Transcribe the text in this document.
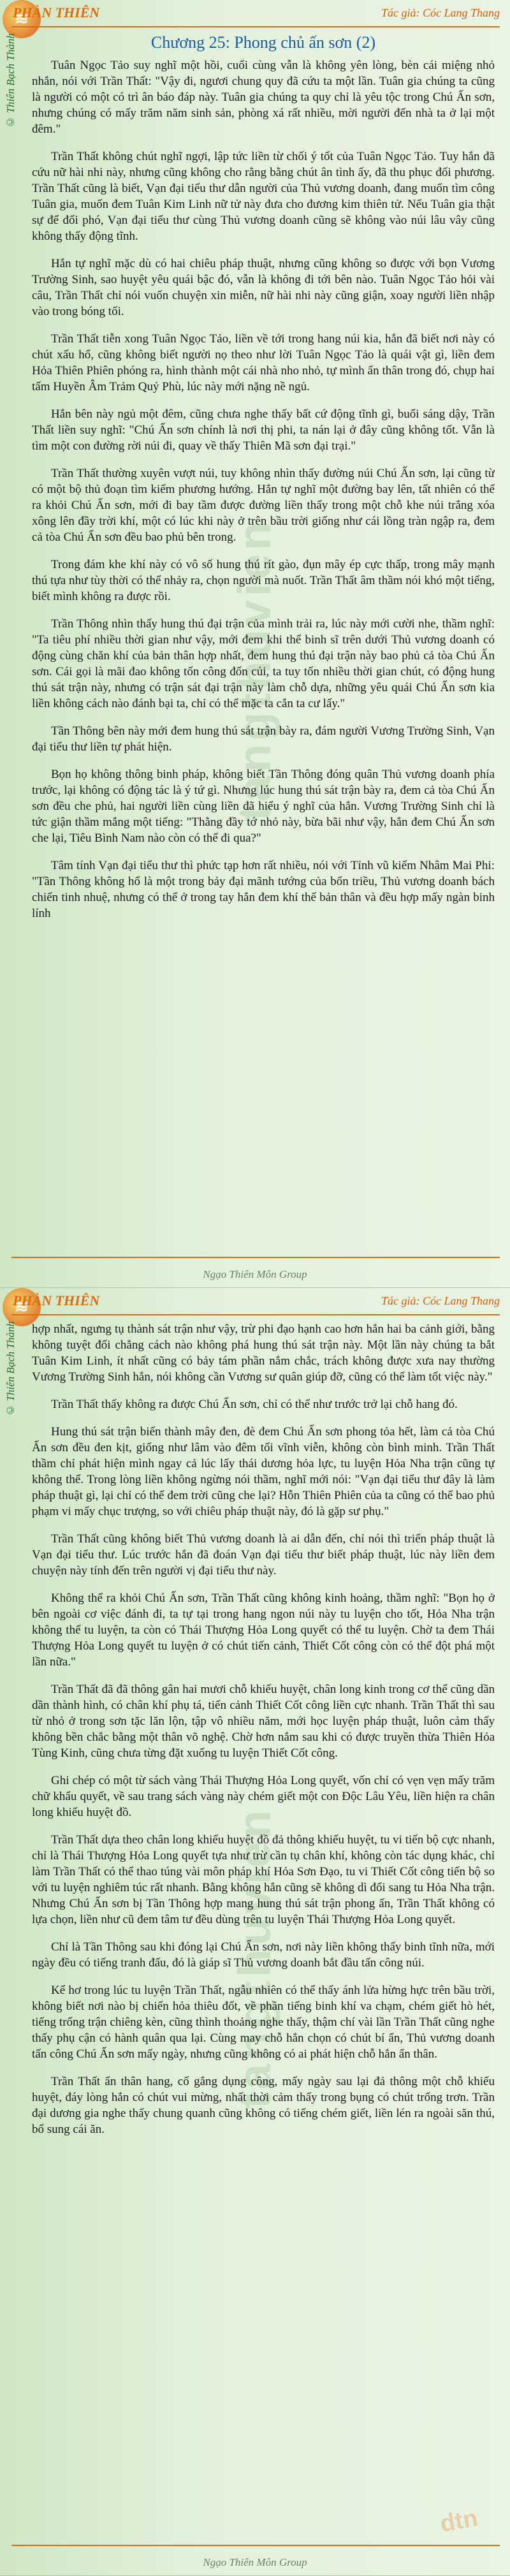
≋
PHÀN THIÊN	Tác giả: Cóc Lang Thang
© Thiên Bạch Thành
tangthuvien
Chương 25: Phong chủ ấn sơn (2)

Tuân Ngọc Tảo suy nghĩ một hồi, cuối cùng vẫn là không yên lòng, bèn cái miệng nhỏ nhắn, nói với Trần Thất: "Vậy đi, ngươi chung quy đã cứu ta một lần. Tuân gia chúng ta cũng là người có một có trì ân báo đáp này. Tuân gia chúng ta quy chỉ là yêu tộc trong Chú Ấn sơn, nhưng chúng có mấy trăm năm sinh sản, phòng xá rất nhiều, mời người đến nhà ta ở lại một đêm."

Trần Thất không chút nghĩ ngợi, lập tức liền từ chối ý tốt của Tuân Ngọc Tảo. Tuy hắn đã cứu nữ hài nhi này, nhưng cũng không cho rằng bằng chút ân tình ấy, đã thu phục đối phương. Trần Thất cũng là biết, Vạn đại tiểu thư dẫn người của Thủ vương doanh, đang muốn tìm công Tuân gia, muốn đem Tuân Kim Linh nữ tử này đưa cho đương kim thiên tử. Nếu Tuân gia thật sự để đối phó, Vạn đại tiểu thư cùng Thủ vương doanh cũng sẽ không vào núi lâu vây cũng không thấy động tĩnh.

Hắn tự nghĩ mặc dù có hai chiêu pháp thuật, nhưng cũng không so được với bọn Vương Trường Sinh, sao huyệt yêu quái bậc đó, vẫn là không đi tới bên nào. Tuân Ngọc Tảo hỏi vài câu, Trần Thất chỉ nói vuốn chuyện xin miễn, nữ hài nhi này cũng giận, xoay người liền nhập vào trong bóng tối.

Trần Thất tiễn xong Tuân Ngọc Tảo, liền về tới trong hang núi kia, hắn đã biết nơi này có chút xấu hổ, cũng không biết người nọ theo như lời Tuân Ngọc Tảo là quái vật gì, liền đem Hỏa Thiên Phiên phóng ra, hình thành một cái nhà nho nhỏ, tự mình ẩn thân trong đó, chụp hai tấm Huyền Âm Trảm Quỷ Phù, lúc này mới nặng nề ngủ.

Hắn bên này ngủ một đêm, cũng chưa nghe thấy bất cứ động tĩnh gì, buổi sáng dậy, Trần Thất liền suy nghĩ: "Chú Ấn sơn chính là nơi thị phi, ta nán lại ở đây cũng không tốt. Vẫn là tìm một con đường rời núi đi, quay về thấy Thiên Mã sơn đại trại."

Trần Thất thường xuyên vượt núi, tuy không nhìn thấy đường núi Chú Ấn sơn, lại cũng từ có một bộ thủ đoạn tìm kiếm phương hướng. Hắn tự nghĩ một đường bay lên, tất nhiên có thể ra khỏi Chú Ấn sơn, mới đi bay tầm được đường liền thấy trong một chỗ khe núi trắng xóa xông lên đầy trời khí, một có lúc khi này ở trên bầu trời giống như cái lồng tràn ngập ra, đem cả tòa Chú Ấn sơn đều bao phủ bên trong.

Trong đám khe khí này có vô số hung thú rít gào, đụn mây ép cực thấp, trong mây mạnh thú tựa như tùy thời có thể nhảy ra, chọn người mà nuốt. Trần Thất âm thầm nói khó một tiếng, biết mình không ra được rồi.

Trần Thông nhìn thấy hung thú đại trận của mình trải ra, lúc này mới cười nhe, thầm nghĩ: "Ta tiêu phí nhiều thời gian như vậy, mới đem khi thể binh sĩ trên dưới Thủ vương doanh có động cùng chăn khí của bản thân hợp nhất, đem hung thú đại trận này bao phủ cả tòa Chú Ấn sơn. Cái gọi là mãi đao không tốn công đốn củi, ta tuy tốn nhiều thời gian chút, có động hung thú sát trận này, nhưng có trận sát đại trận này làm chỗ dựa, những yêu quái Chú Ấn sơn kia liền không cách nào đánh bại ta, chỉ có thể mặc ta cắn ta cư lấy."

Tần Thông bên này mới đem hung thú sát trận bày ra, đám người Vương Trường Sinh, Vạn đại tiểu thư liền tự phát hiện.

Bọn họ không thông binh pháp, không biết Tần Thông đóng quân Thủ vương doanh phía trước, lại không có động tác là ý tứ gì. Nhưng lúc hung thú sát trận bày ra, đem cả tòa Chú Ấn sơn đều che phủ, hai người liền cùng liền đã hiểu ý nghĩ của hắn. Vương Trường Sinh chỉ là tức giận thầm mắng một tiếng: "Thằng đầy tớ nhỏ này, bừa bãi như vậy, hắn đem Chú Ấn sơn che lại, Tiêu Bình Nam nào còn có thể đi qua?"

Tâm tính Vạn đại tiểu thư thì phức tạp hơn rất nhiều, nói với Tỉnh vũ kiếm Nhâm Mai Phi: "Tần Thông không hổ là một trong bảy đại mãnh tướng của bốn triều, Thủ vương doanh bách chiến tinh nhuệ, nhưng có thể ở trong tay hắn đem khí thế bản thân và đều hợp mấy ngàn binh lính

Ngạo Thiên Môn Group
≋
PHÀN THIÊN	Tác giả: Cóc Lang Thang
© Thiên Bạch Thành
tangthuvien

hợp nhất, ngưng tụ thành sát trận như vậy, trừ phi đạo hạnh cao hơn hắn hai ba cảnh giới, bằng không tuyệt đối chẳng cách nào không phá hung thú sát trận này. Một lần này chúng ta bắt Tuân Kim Linh, ít nhất cũng có bảy tám phần nắm chắc, trách không được xưa nay thường Vương Trường Sinh hắn, nói không cần Vương sư quân giúp đỡ, cũng có thể làm tốt việc này."

Trần Thất thấy không ra được Chú Ấn sơn, chỉ có thể như trước trở lại chỗ hang đó.

Hung thú sát trận biến thành mây đen, đè đem Chú Ấn sơn phong tỏa hết, làm cả tòa Chú Ấn sơn đều đen kịt, giống như lâm vào đêm tối vĩnh viễn, không còn bình minh. Trần Thất thầm chỉ phát hiện mình ngay cả lúc lấy thái dương hỏa lực, tu luyện Hỏa Nha trận cũng tự không thể. Trong lòng liền không ngừng nói thầm, nghĩ mới nói: "Vạn đại tiểu thư đây là làm pháp thuật gì, lại chỉ có thể đem trời cũng che lại? Hỗn Thiên Phiên của ta cũng có thể bao phủ phạm vi mấy chục trượng, so với chiêu pháp thuật này, đó là gặp sư phụ."

Trần Thất cũng không biết Thủ vương doanh là ai dẫn đến, chỉ nói thì triển pháp thuật là Vạn đại tiểu thư. Lúc trước hắn đã đoán Vạn đại tiểu thư biết pháp thuật, lúc này liền đem chuyện này tính đến trên người vị đại tiểu thư này.

Không thể ra khỏi Chú Ấn sơn, Trần Thất cũng không kinh hoảng, thầm nghĩ: "Bọn họ ở bên ngoài cơ việc đánh đi, ta tự tại trong hang ngon núi này tu luyện cho tốt, Hỏa Nha trận không thể tu luyện, ta còn có Thái Thượng Hỏa Long quyết có thể tu luyện. Chờ ta đem Thái Thượng Hỏa Long quyết tu luyện ở có chút tiến cảnh, Thiết Cốt công còn có thể đột phá một lần nữa."

Trần Thất đã đã thông gân hai mươi chỗ khiếu huyệt, chân long kinh trong cơ thể cũng dần dần thành hình, có chân khí phụ tá, tiến cảnh Thiết Cốt công liền cực nhanh. Trần Thất thì sau từ nhỏ ở trong sơn tặc lăn lộn, tập vô nhiều năm, mới học luyện pháp thuật, luôn cảm thấy không bền chắc bằng một thân võ nghệ. Chờ hơn nắm sau khi có được truyền thừa Thiên Hỏa Tùng Kinh, cũng chưa từng đặt xuống tu luyện Thiết Cốt công.

Ghi chép có một từ sách vàng Thái Thượng Hỏa Long quyết, vốn chỉ có vẹn vẹn mấy trăm chữ khẩu quyết, về sau trang sách vàng này chém giết một con Độc Lâu Yêu, liền hiện ra chân long khiếu huyệt đồ.

Trần Thất dựa theo chân long khiếu huyệt đồ đả thông khiếu huyệt, tu vi tiến bộ cực nhanh, chỉ là Thái Thượng Hỏa Long quyết tựa như trừ cần tụ chân khí, không còn tác dụng khác, chỉ làm Trần Thất có thể thao túng vài môn pháp khí Hỏa Sơn Đạo, tu vi Thiết Cốt công tiến bộ so với tu luyện nghiêm túc rất nhanh. Bằng không hắn cũng sẽ không dì đổi sang tu Hỏa Nha trận. Nhưng Chú Ấn sơn bị Tần Thông hợp mang hung thú sát trận phong ấn, Trần Thất không có lựa chọn, liền như cũ đem tâm tư đều dùng trên tu luyện Thái Thượng Hỏa Long quyết.

Chỉ là Tần Thông sau khi đóng lại Chú Ấn sơn, nơi này liền không thấy binh tĩnh nữa, mới ngày đều có tiếng tranh đấu, đó là giáp sĩ Thủ vương doanh bắt đầu tấn công núi.

Kể hơ trong lúc tu luyện Trần Thất, ngẫu nhiên có thể thấy ánh lửa hừng hực trên bầu trời, không biết nơi nào bị chiến hỏa thiêu đốt, về phần tiếng binh khí va chạm, chém giết hò hét, tiếng trống trận chiêng kèn, cũng thình thoảng nghe thấy, thậm chí vài lần Trần Thất cũng nghe thấy phụ cận có hành quân qua lại. Cùng may chỗ hắn chọn có chút bí ẩn, Thủ vương doanh tấn công Chú Ấn sơn mấy ngày, nhưng cũng không có ai phát hiện chỗ hắn ẩn thân.

Trần Thất ẩn thân hang, cố gắng dụng công, mấy ngày sau lại đả thông một chỗ khiếu huyệt, đáy lòng hắn có chút vui mừng, nhất thời cảm thấy trong bụng có chút trống trơn. Trần đại dương gia nghe thấy chung quanh cũng không có tiếng chém giết, liền lén ra ngoài săn thú, bổ sung cái ăn.

dtn
Ngạo Thiên Môn Group
